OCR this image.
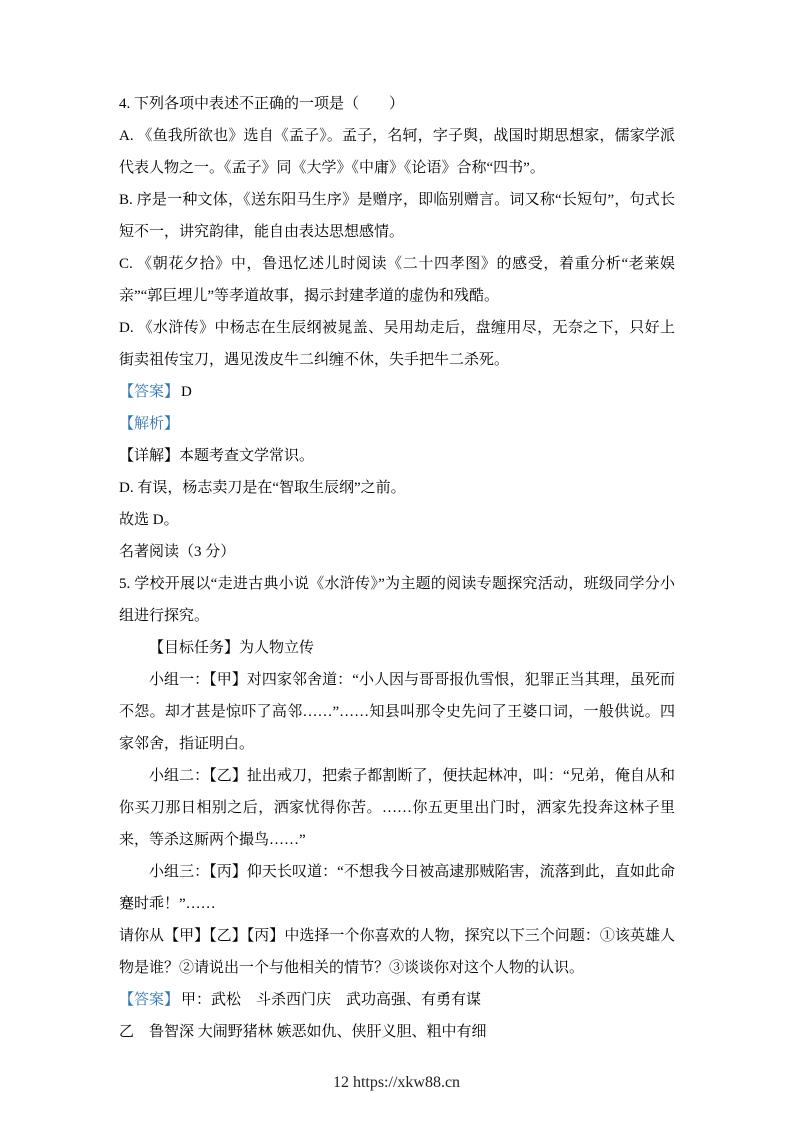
4. 下列各项中表述不正确的一项是（　　）

A. 《鱼我所欲也》选自《孟子》。孟子，名轲，字子舆，战国时期思想家，儒家学派代表人物之一。《孟子》同《大学》《中庸》《论语》合称“四书”。

B. 序是一种文体，《送东阳马生序》是赠序，即临别赠言。词又称“长短句”，句式长短不一，讲究韵律，能自由表达思想感情。

C. 《朝花夕拾》中，鲁迅忆述儿时阅读《二十四孝图》的感受，着重分析“老莱娱亲”“郭巨埋儿”等孝道故事，揭示封建孝道的虚伪和残酷。

D. 《水浒传》中杨志在生辰纲被晁盖、吴用劫走后，盘缠用尽，无奈之下，只好上街卖祖传宝刀，遇见泼皮牛二纠缠不休，失手把牛二杀死。

【答案】 D

【解析】

【详解】本题考查文学常识。

D. 有误，杨志卖刀是在“智取生辰纲”之前。

故选 D。

名著阅读（3 分）

5. 学校开展以“走进古典小说《水浒传》”为主题的阅读专题探究活动，班级同学分小组进行探究。

【目标任务】为人物立传

小组一：【甲】对四家邻舍道：“小人因与哥哥报仇雪恨，犯罪正当其理，虽死而不怨。却才甚是惊吓了高邻……”……知县叫那令史先问了王婆口词，一般供说。四家邻舍，指证明白。

小组二：【乙】扯出戒刀，把索子都割断了，便扶起林冲，叫：“兄弟，俺自从和你买刀那日相别之后，洒家忧得你苦。……你五更里出门时，洒家先投奔这林子里来，等杀这厮两个撮鸟……”

小组三：【丙】仰天长叹道：“不想我今日被高逮那贼陷害，流落到此，直如此命蹇时乖！”……

请你从【甲】【乙】【丙】中选择一个你喜欢的人物，探究以下三个问题：①该英雄人物是谁？②请说出一个与他相关的情节？③谈谈你对这个人物的认识。

【答案】 甲：武松　斗杀西门庆　武功高强、有勇有谋

乙　鲁智深 大闹野猪林 嫉恶如仇、侠肝义胆、粗中有细

12 https://xkw88.cn
